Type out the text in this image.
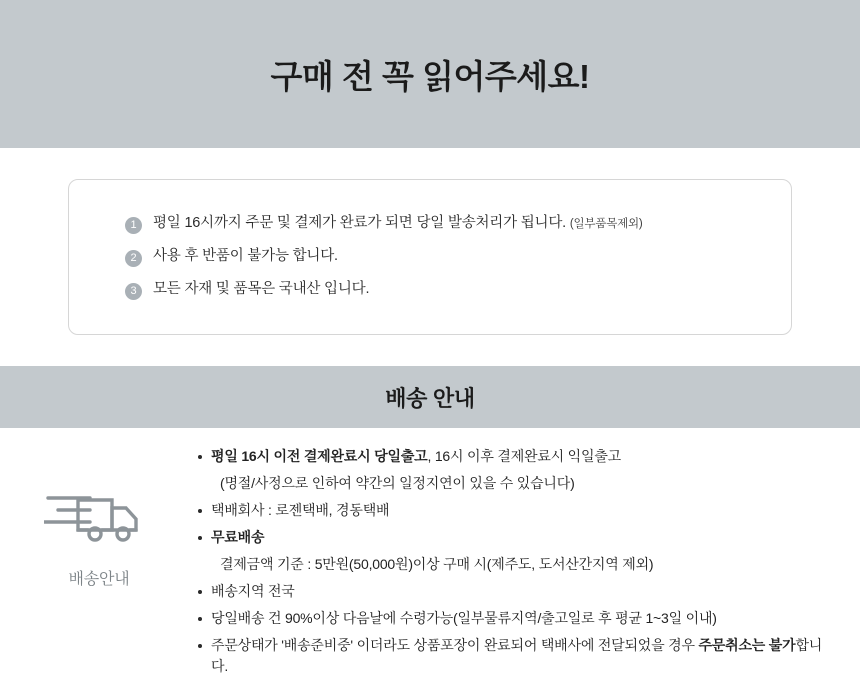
구매 전 꼭 읽어주세요!
1	평일 16시까지 주문 및 결제가 완료가 되면 당일 발송처리가 됩니다. (일부품목제외)
2	사용 후 반품이 불가능 합니다.
3	모든 자재 및 품목은 국내산 입니다.
배송 안내
배송안내
평일 16시 이전 결제완료시 당일출고, 16시 이후 결제완료시 익일출고
(명절/사정으로 인하여 약간의 일정지연이 있을 수 있습니다)
택배회사 : 로젠택배, 경동택배
무료배송
결제금액 기준 : 5만원(50,000원)이상 구매 시(제주도, 도서산간지역 제외)
배송지역 전국
당일배송 건 90%이상 다음날에 수령가능(일부물류지역/출고일로 후 평균 1~3일 이내)
주문상태가 '배송준비중' 이더라도 상품포장이 완료되어 택배사에 전달되었을 경우 주문취소는 불가합니다.
